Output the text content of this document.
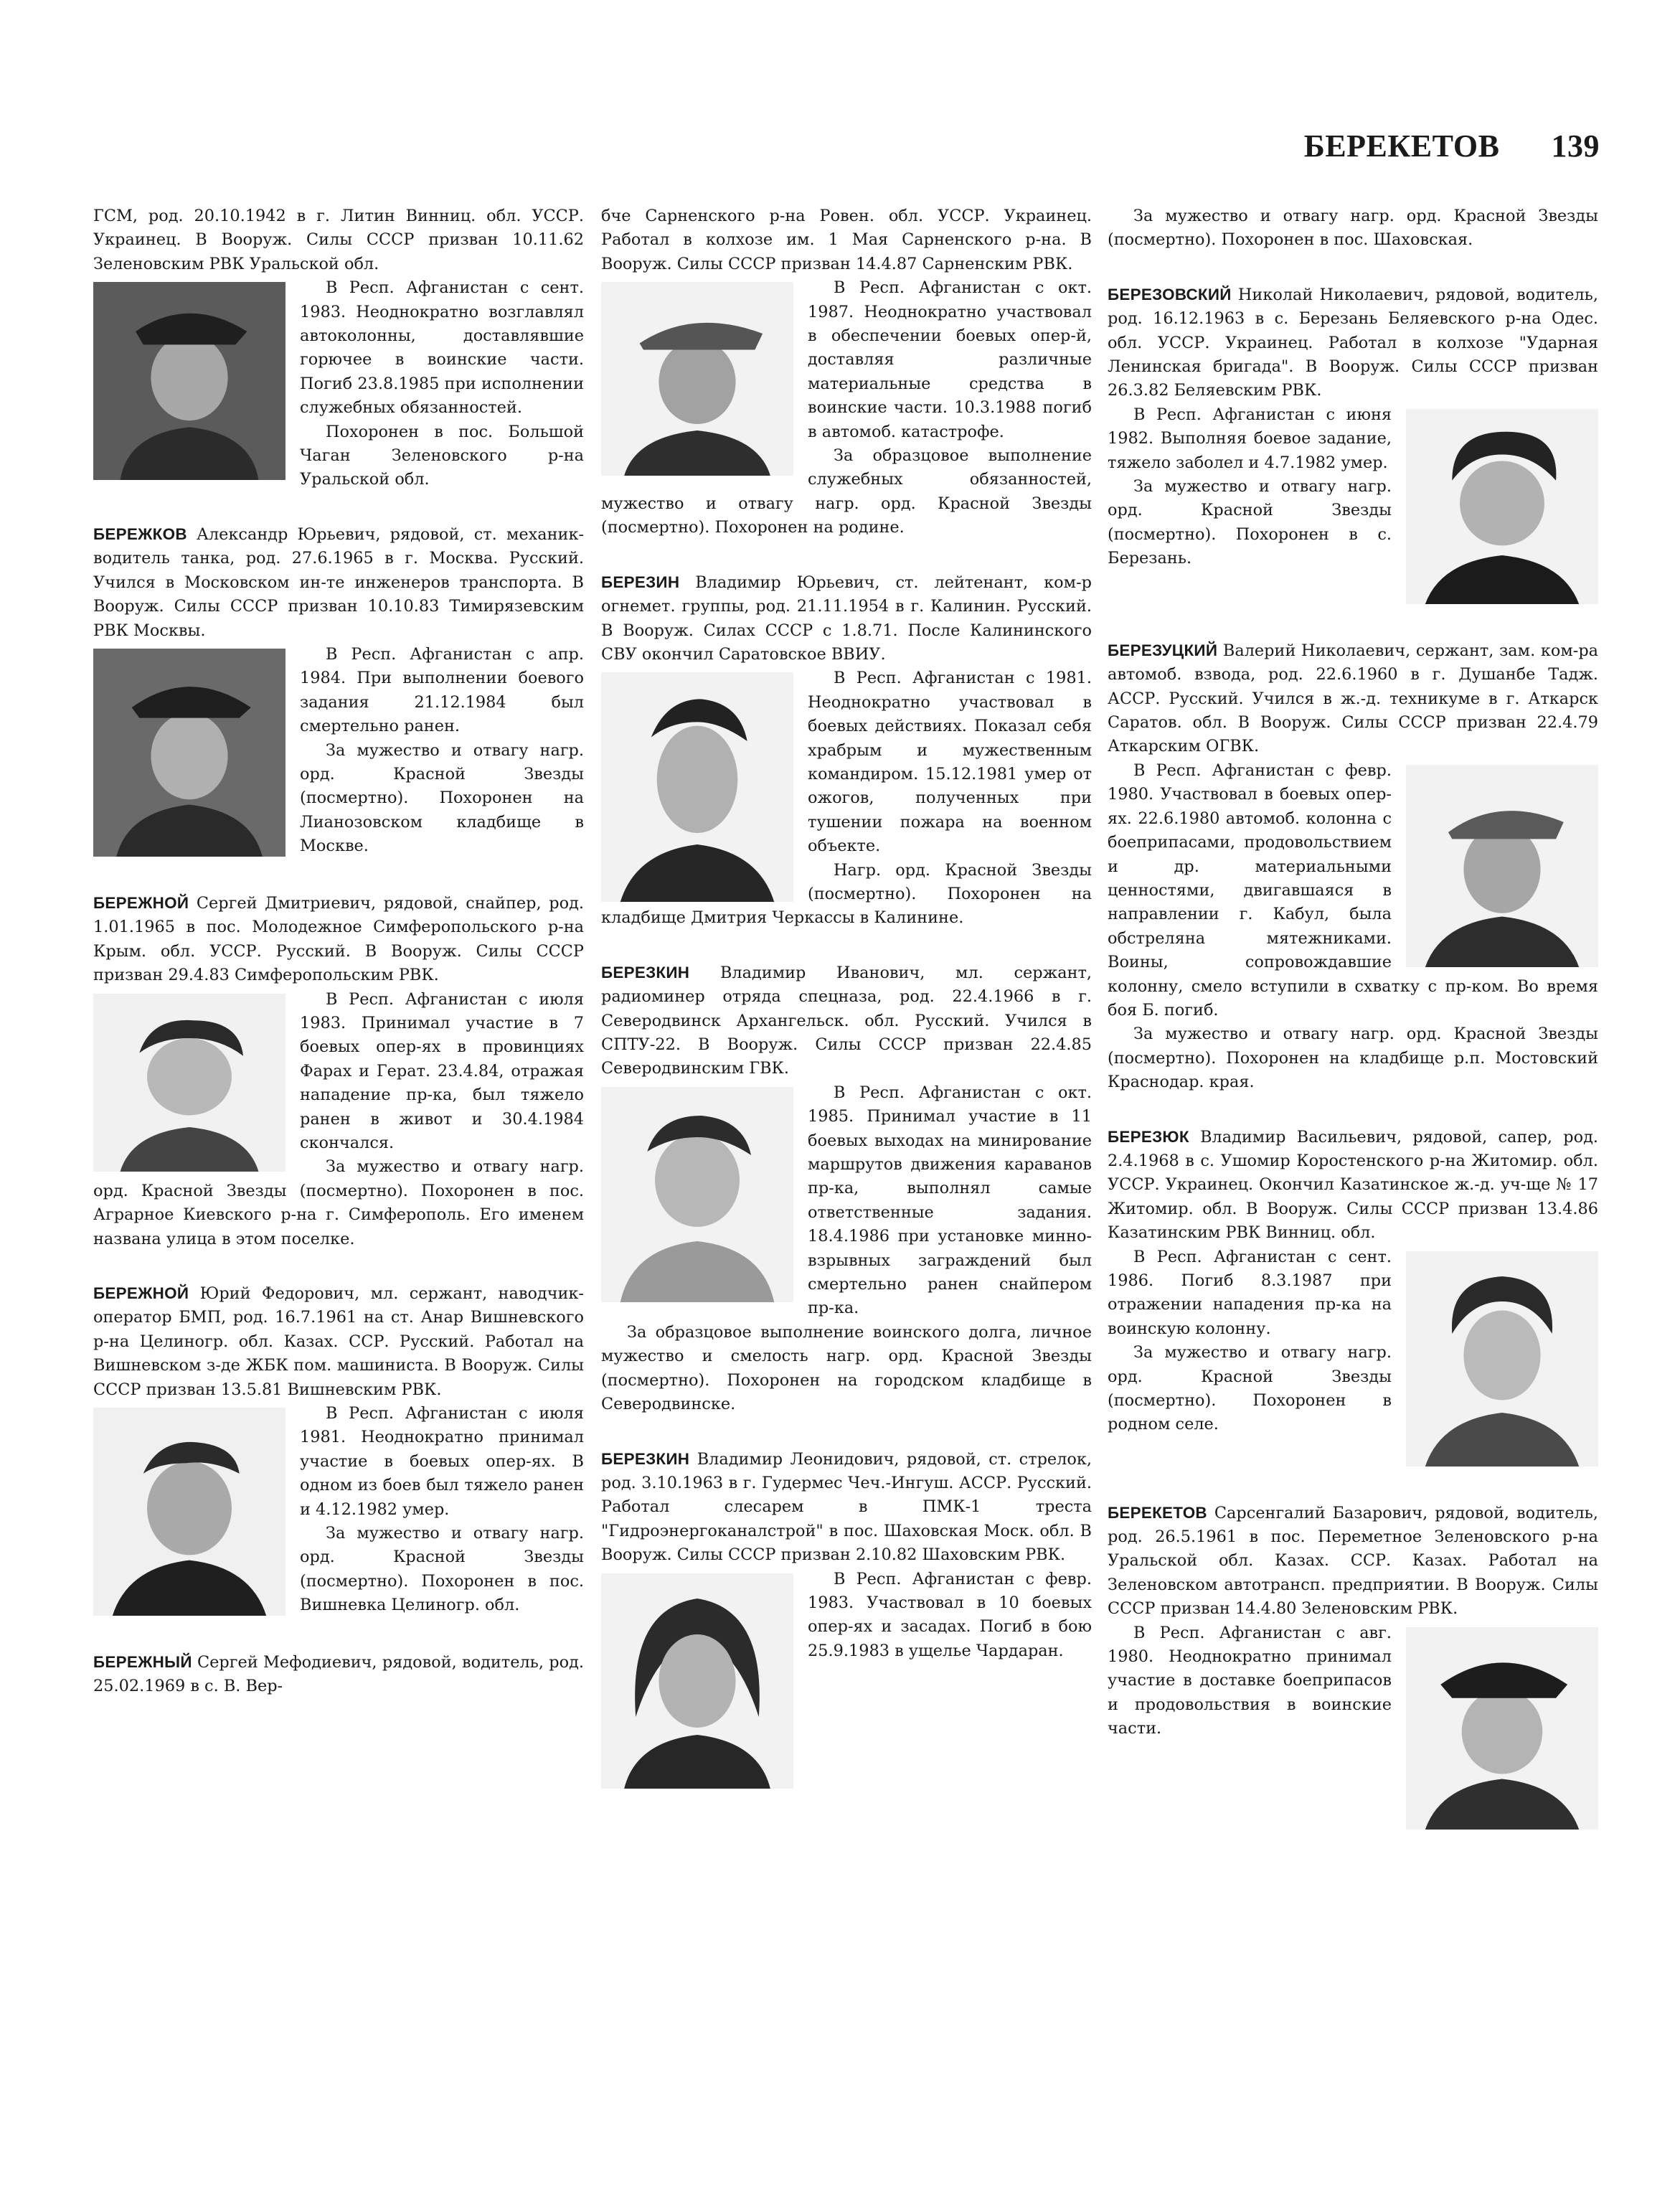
БЕРЕКЕТОВ 139

ГСМ, род. 20.10.1942 в г. Литин Винниц. обл. УССР. Украинец. В Вооруж. Силы СССР призван 10.11.62 Зеленовским РВК Уральской обл.

В Респ. Афганистан с сент. 1983. Неоднократно возглавлял автоколонны, доставлявшие горючее в воинские части. Погиб 23.8.1985 при исполнении служебных обязанностей.

Похоронен в пос. Большой Чаган Зеленовского р-на Уральской обл.

БЕРЕЖКОВ Александр Юрьевич, рядовой, ст. механик-водитель танка, род. 27.6.1965 в г. Москва. Русский. Учился в Московском ин-те инженеров транспорта. В Вооруж. Силы СССР призван 10.10.83 Тимирязевским РВК Москвы.

В Респ. Афганистан с апр. 1984. При выполнении боевого задания 21.12.1984 был смертельно ранен.

За мужество и отвагу нагр. орд. Красной Звезды (посмертно). Похоронен на Лианозовском кладбище в Москве.

БЕРЕЖНОЙ Сергей Дмитриевич, рядовой, снайпер, род. 1.01.1965 в пос. Молодежное Симферопольского р-на Крым. обл. УССР. Русский. В Вооруж. Силы СССР призван 29.4.83 Симферопольским РВК.

В Респ. Афганистан с июля 1983. Принимал участие в 7 боевых опер-ях в провинциях Фарах и Герат. 23.4.84, отражая нападение пр-ка, был тяжело ранен в живот и 30.4.1984 скончался.

За мужество и отвагу нагр. орд. Красной Звезды (посмертно). Похоронен в пос. Аграрное Киевского р-на г. Симферополь. Его именем названа улица в этом поселке.

БЕРЕЖНОЙ Юрий Федорович, мл. сержант, наводчик-оператор БМП, род. 16.7.1961 на ст. Анар Вишневского р-на Целиногр. обл. Казах. ССР. Русский. Работал на Вишневском з-де ЖБК пом. машиниста. В Вооруж. Силы СССР призван 13.5.81 Вишневским РВК.

В Респ. Афганистан с июля 1981. Неоднократно принимал участие в боевых опер-ях. В одном из боев был тяжело ранен и 4.12.1982 умер.

За мужество и отвагу нагр. орд. Красной Звезды (посмертно). Похоронен в пос. Вишневка Целиногр. обл.

БЕРЕЖНЫЙ Сергей Мефодиевич, рядовой, водитель, род. 25.02.1969 в с. В. Вер-

бче Сарненского р-на Ровен. обл. УССР. Украинец. Работал в колхозе им. 1 Мая Сарненского р-на. В Вооруж. Силы СССР призван 14.4.87 Сарненским РВК.

В Респ. Афганистан с окт. 1987. Неоднократно участвовал в обеспечении боевых опер-й, доставляя различные материальные средства в воинские части. 10.3.1988 погиб в автомоб. катастрофе.

За образцовое выполнение служебных обязанностей, мужество и отвагу нагр. орд. Красной Звезды (посмертно). Похоронен на родине.

БЕРЕЗИН Владимир Юрьевич, ст. лейтенант, ком-р огнемет. группы, род. 21.11.1954 в г. Калинин. Русский. В Вооруж. Силах СССР с 1.8.71. После Калининского СВУ окончил Саратовское ВВИУ.

В Респ. Афганистан с 1981. Неоднократно участвовал в боевых действиях. Показал себя храбрым и мужественным командиром. 15.12.1981 умер от ожогов, полученных при тушении пожара на военном объекте.

Нагр. орд. Красной Звезды (посмертно). Похоронен на кладбище Дмитрия Черкассы в Калинине.

БЕРЕЗКИН Владимир Иванович, мл. сержант, радиоминер отряда спецназа, род. 22.4.1966 в г. Северодвинск Архангельск. обл. Русский. Учился в СПТУ-22. В Вооруж. Силы СССР призван 22.4.85 Северодвинским ГВК.

В Респ. Афганистан с окт. 1985. Принимал участие в 11 боевых выходах на минирование маршрутов движения караванов пр-ка, выполнял самые ответственные задания. 18.4.1986 при установке минно-взрывных заграждений был смертельно ранен снайпером пр-ка.

За образцовое выполнение воинского долга, личное мужество и смелость нагр. орд. Красной Звезды (посмертно). Похоронен на городском кладбище в Северодвинске.

БЕРЕЗКИН Владимир Леонидович, рядовой, ст. стрелок, род. 3.10.1963 в г. Гудермес Чеч.-Ингуш. АССР. Русский. Работал слесарем в ПМК-1 треста "Гидроэнергоканалстрой" в пос. Шаховская Моск. обл. В Вооруж. Силы СССР призван 2.10.82 Шаховским РВК.

В Респ. Афганистан с февр. 1983. Участвовал в 10 боевых опер-ях и засадах. Погиб в бою 25.9.1983 в ущелье Чардаран.

За мужество и отвагу нагр. орд. Красной Звезды (посмертно). Похоронен в пос. Шаховская.

БЕРЕЗОВСКИЙ Николай Николаевич, рядовой, водитель, род. 16.12.1963 в с. Березань Беляевского р-на Одес. обл. УССР. Украинец. Работал в колхозе "Ударная Ленинская бригада". В Вооруж. Силы СССР призван 26.3.82 Беляевским РВК.

В Респ. Афганистан с июня 1982. Выполняя боевое задание, тяжело заболел и 4.7.1982 умер.

За мужество и отвагу нагр. орд. Красной Звезды (посмертно). Похоронен в с. Березань.

БЕРЕЗУЦКИЙ Валерий Николаевич, сержант, зам. ком-ра автомоб. взвода, род. 22.6.1960 в г. Душанбе Тадж. АССР. Русский. Учился в ж.-д. техникуме в г. Аткарск Саратов. обл. В Вооруж. Силы СССР призван 22.4.79 Аткарским ОГВК.

В Респ. Афганистан с февр. 1980. Участвовал в боевых опер-ях. 22.6.1980 автомоб. колонна с боеприпасами, продовольствием и др. материальными ценностями, двигавшаяся в направлении г. Кабул, была обстреляна мятежниками. Воины, сопровождавшие колонну, смело вступили в схватку с пр-ком. Во время боя Б. погиб.

За мужество и отвагу нагр. орд. Красной Звезды (посмертно). Похоронен на кладбище р.п. Мостовский Краснодар. края.

БЕРЕЗЮК Владимир Васильевич, рядовой, сапер, род. 2.4.1968 в с. Ушомир Коростенского р-на Житомир. обл. УССР. Украинец. Окончил Казатинское ж.-д. уч-ще № 17 Житомир. обл. В Вооруж. Силы СССР призван 13.4.86 Казатинским РВК Винниц. обл.

В Респ. Афганистан с сент. 1986. Погиб 8.3.1987 при отражении нападения пр-ка на воинскую колонну.

За мужество и отвагу нагр. орд. Красной Звезды (посмертно). Похоронен в родном селе.

БЕРЕКЕТОВ Сарсенгалий Базарович, рядовой, водитель, род. 26.5.1961 в пос. Переметное Зеленовского р-на Уральской обл. Казах. ССР. Казах. Работал на Зеленовском автотрансп. предприятии. В Вооруж. Силы СССР призван 14.4.80 Зеленовским РВК.

В Респ. Афганистан с авг. 1980. Неоднократно принимал участие в доставке боеприпасов и продовольствия в воинские части.
